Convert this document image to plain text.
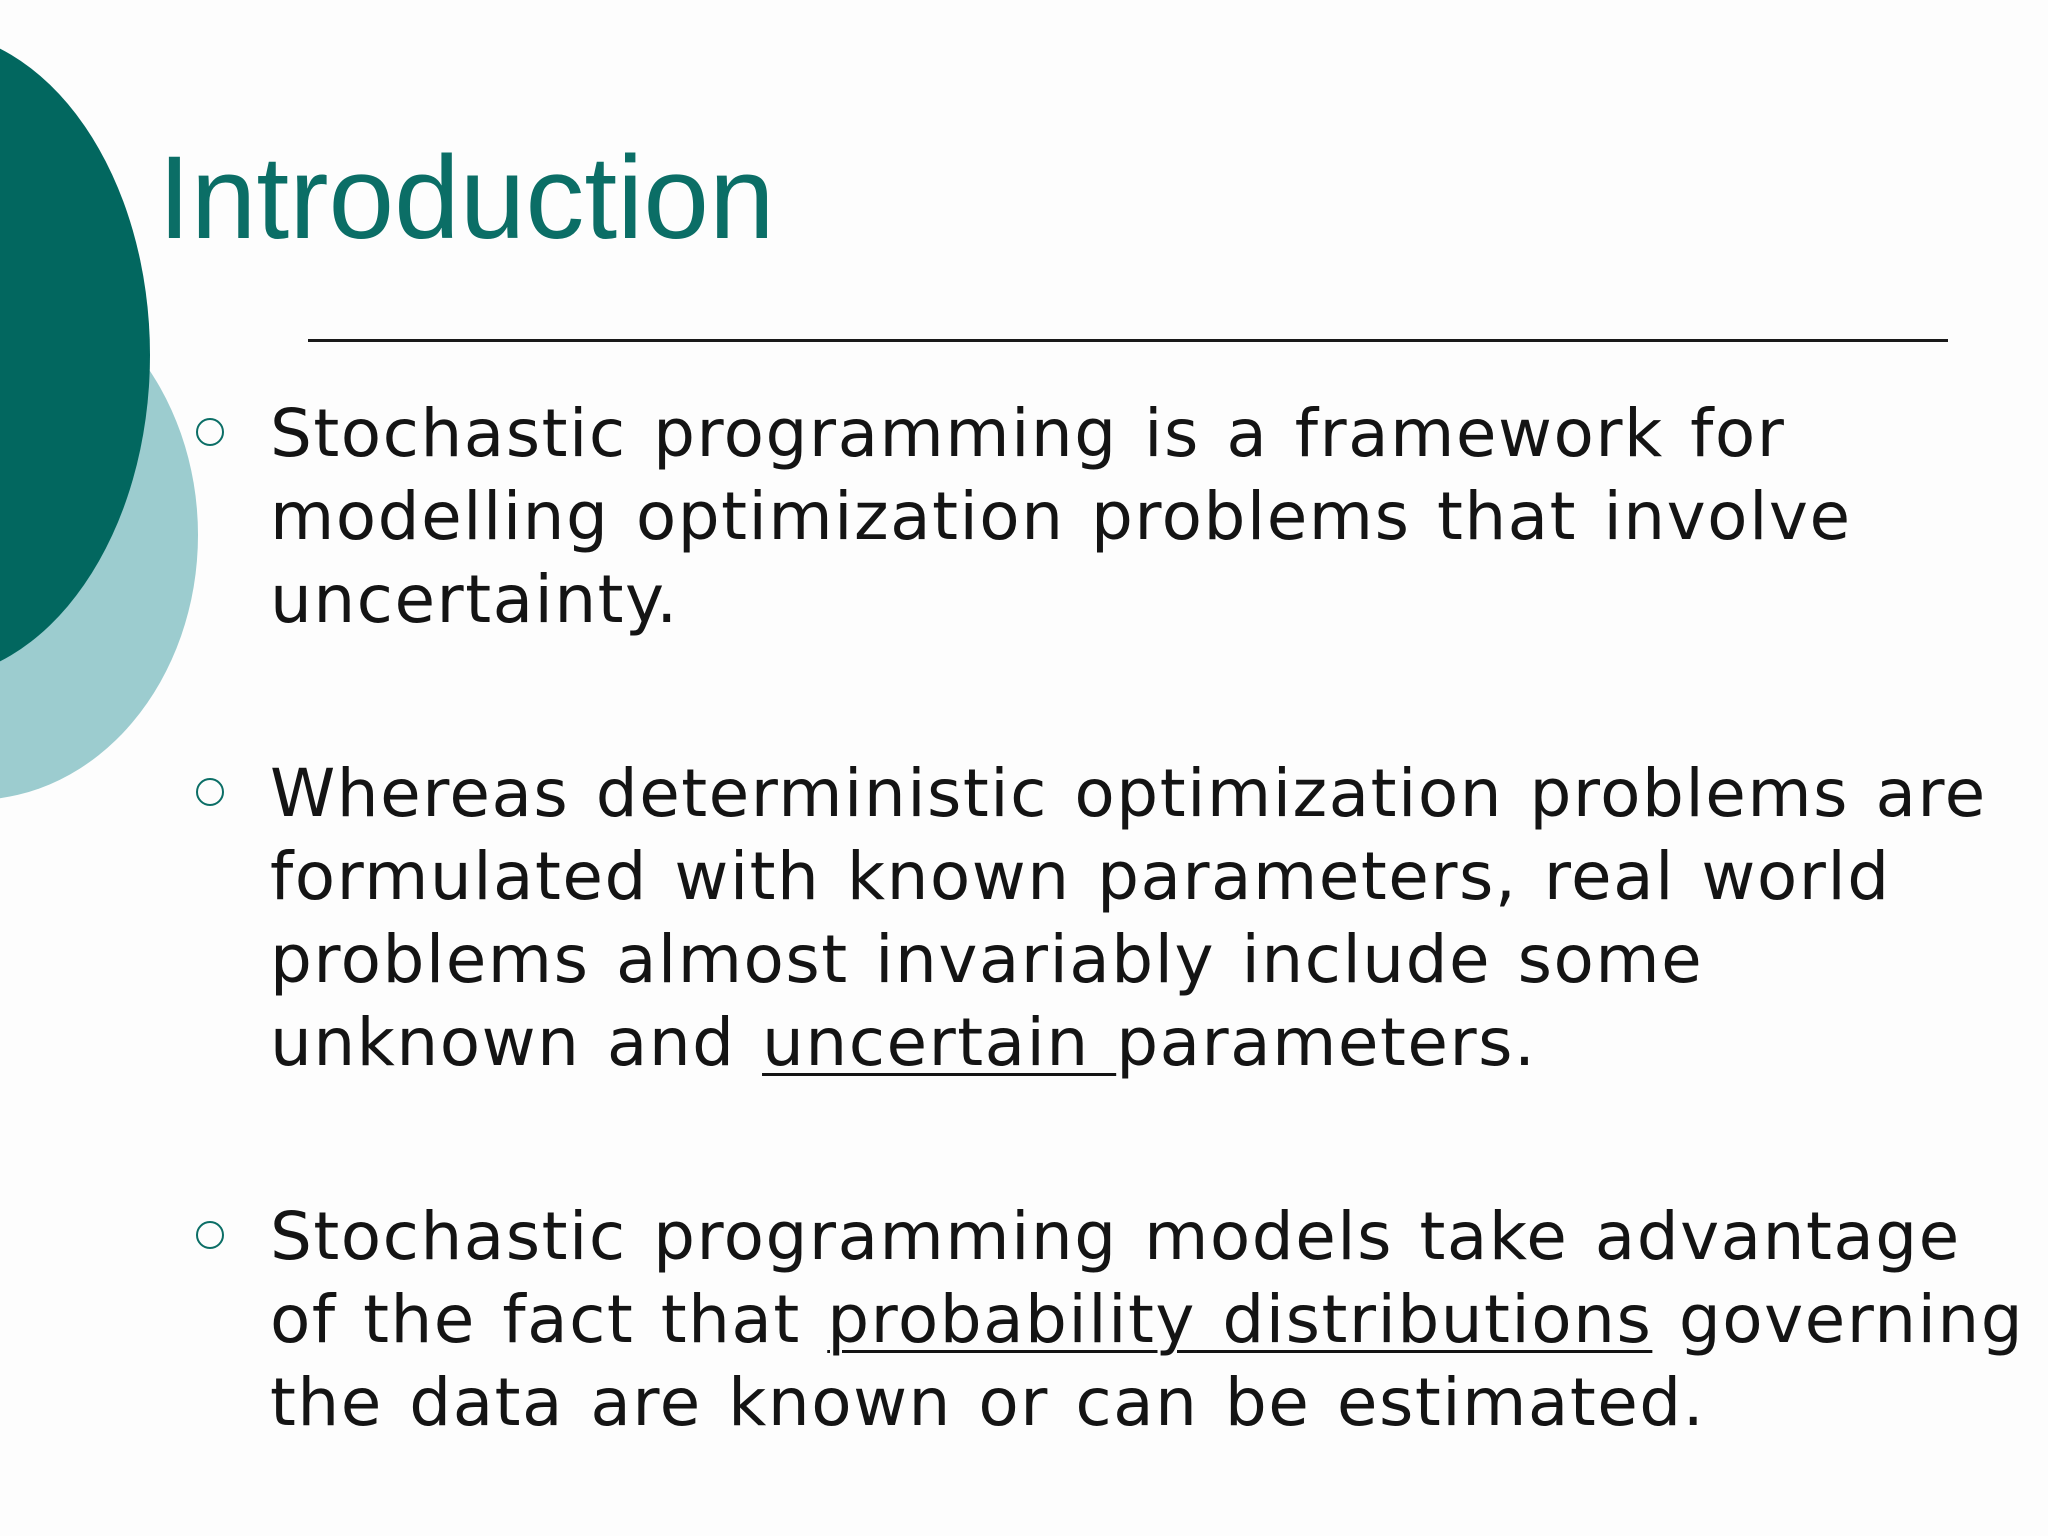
Introduction

Stochastic programming is a framework for modelling optimization problems that involve uncertainty.

Whereas deterministic optimization problems are formulated with known parameters, real world problems almost invariably include some unknown and uncertain parameters.

Stochastic programming models take advantage of the fact that probability distributions governing the data are known or can be estimated.
